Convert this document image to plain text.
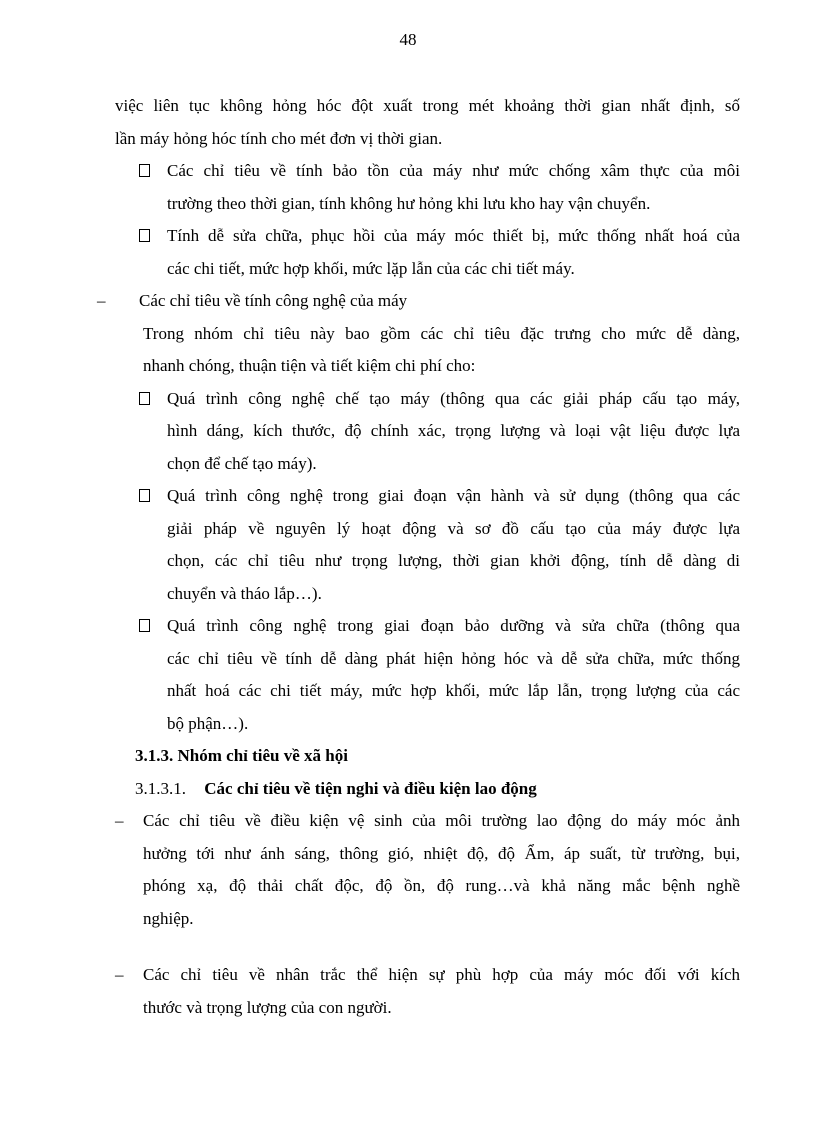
48
việc liên tục không hỏng hóc đột xuất trong mét khoảng thời gian nhất định, số
lần máy hỏng hóc tính cho mét đơn vị thời gian.
Các chỉ tiêu về tính bảo tồn của máy như mức chống xâm thực của môi
trường theo thời gian, tính không hư hỏng khi lưu kho hay vận chuyển.
Tính dễ sửa chữa, phục hồi của máy móc thiết bị, mức thống nhất hoá của
các chi tiết, mức hợp khối, mức lặp lẫn của các chi tiết máy.
–	Các chỉ tiêu về tính công nghệ của máy
Trong nhóm chỉ tiêu này bao gồm các chỉ tiêu đặc trưng cho mức dễ dàng,
nhanh chóng, thuận tiện và tiết kiệm chi phí cho:
Quá trình công nghệ chế tạo máy (thông qua các giải pháp cấu tạo máy,
hình dáng, kích thước, độ chính xác, trọng lượng và loại vật liệu được lựa
chọn để chế tạo máy).
Quá trình công nghệ trong giai đoạn vận hành và sử dụng (thông qua các
giải pháp về nguyên lý hoạt động và sơ đồ cấu tạo của máy được lựa
chọn, các chỉ tiêu như trọng lượng, thời gian khởi động, tính dễ dàng di
chuyển và tháo lắp…).
Quá trình công nghệ trong giai đoạn bảo dưỡng và sửa chữa (thông qua
các chỉ tiêu về tính dễ dàng phát hiện hỏng hóc và dễ sửa chữa, mức thống
nhất hoá các chi tiết máy, mức hợp khối, mức lắp lẫn, trọng lượng của các
bộ phận…).
3.1.3. Nhóm chỉ tiêu về xã hội
3.1.3.1. Các chỉ tiêu về tiện nghi và điều kiện lao động
–	Các chỉ tiêu về điều kiện vệ sinh của môi trường lao động do máy móc ảnh
hưởng tới như ánh sáng, thông gió, nhiệt độ, độ Ẩm, áp suất, từ trường, bụi,
phóng xạ, độ thải chất độc, độ ồn, độ rung…và khả năng mắc bệnh nghề
nghiệp.
–	Các chỉ tiêu về nhân trắc thể hiện sự phù hợp của máy móc đối với kích
thước và trọng lượng của con người.
